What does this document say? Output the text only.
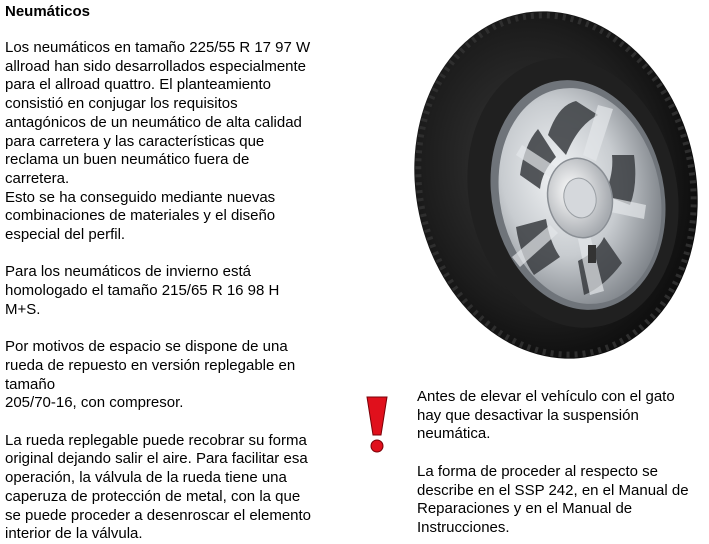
Neumáticos

Los neumáticos en tamaño 225/55 R 17 97 W
allroad han sido desarrollados especialmente
para el allroad quattro. El planteamiento
consistió en conjugar los requisitos
antagónicos de un neumático de alta calidad
para carretera y las características que
reclama un buen neumático fuera de
carretera.
Esto se ha conseguido mediante nuevas
combinaciones de materiales y el diseño
especial del perfil.

Para los neumáticos de invierno está
homologado el tamaño 215/65 R 16 98 H
M+S.

Por motivos de espacio se dispone de una
rueda de repuesto en versión replegable en
tamaño
205/70-16, con compresor.

La rueda replegable puede recobrar su forma
original dejando salir el aire. Para facilitar esa
operación, la válvula de la rueda tiene una
caperuza de protección de metal, con la que
se puede proceder a desenroscar el elemento
interior de la válvula.

Antes de elevar el vehículo con el gato
hay que desactivar la suspensión
neumática.

La forma de proceder al respecto se
describe en el SSP 242, en el Manual de
Reparaciones y en el Manual de
Instrucciones.
